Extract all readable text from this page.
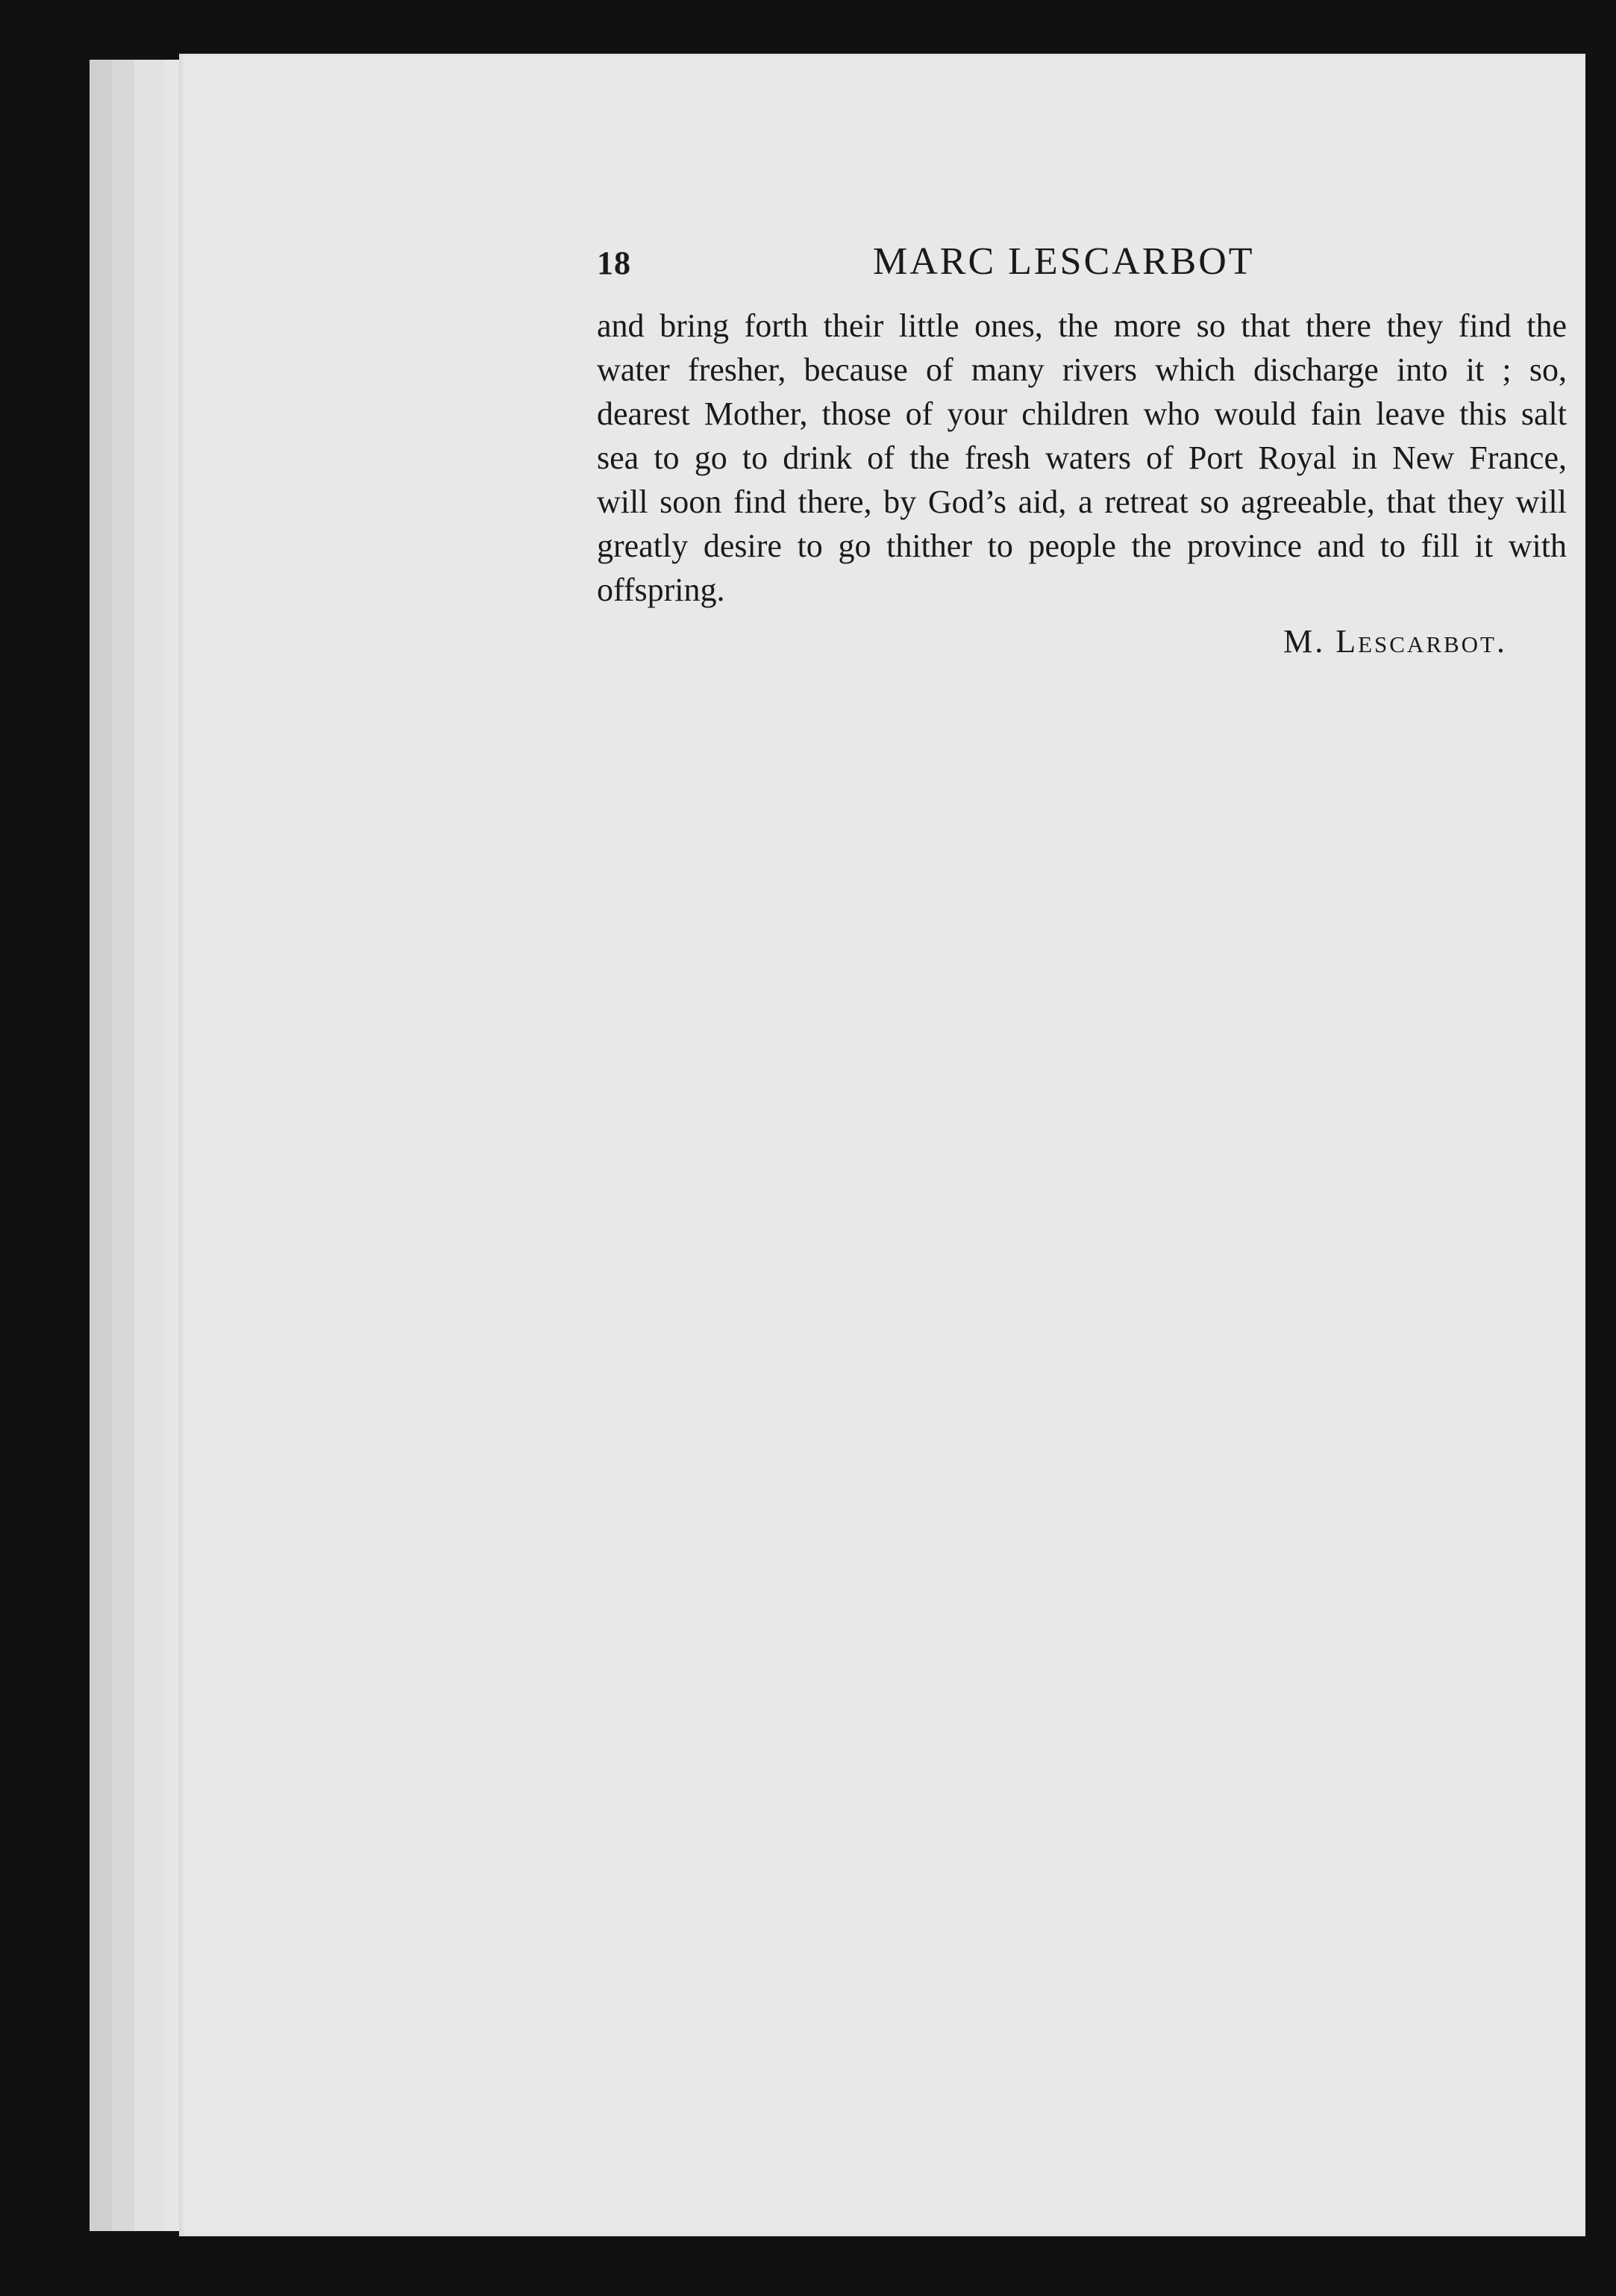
18	MARC LESCARBOT

and bring forth their little ones, the more so that there they find the water fresher, because of many rivers which discharge into it ; so, dearest Mother, those of your children who would fain leave this salt sea to go to drink of the fresh waters of Port Royal in New France, will soon find there, by God’s aid, a retreat so agreeable, that they will greatly desire to go thither to people the province and to fill it with offspring.

M. Lescarbot.
